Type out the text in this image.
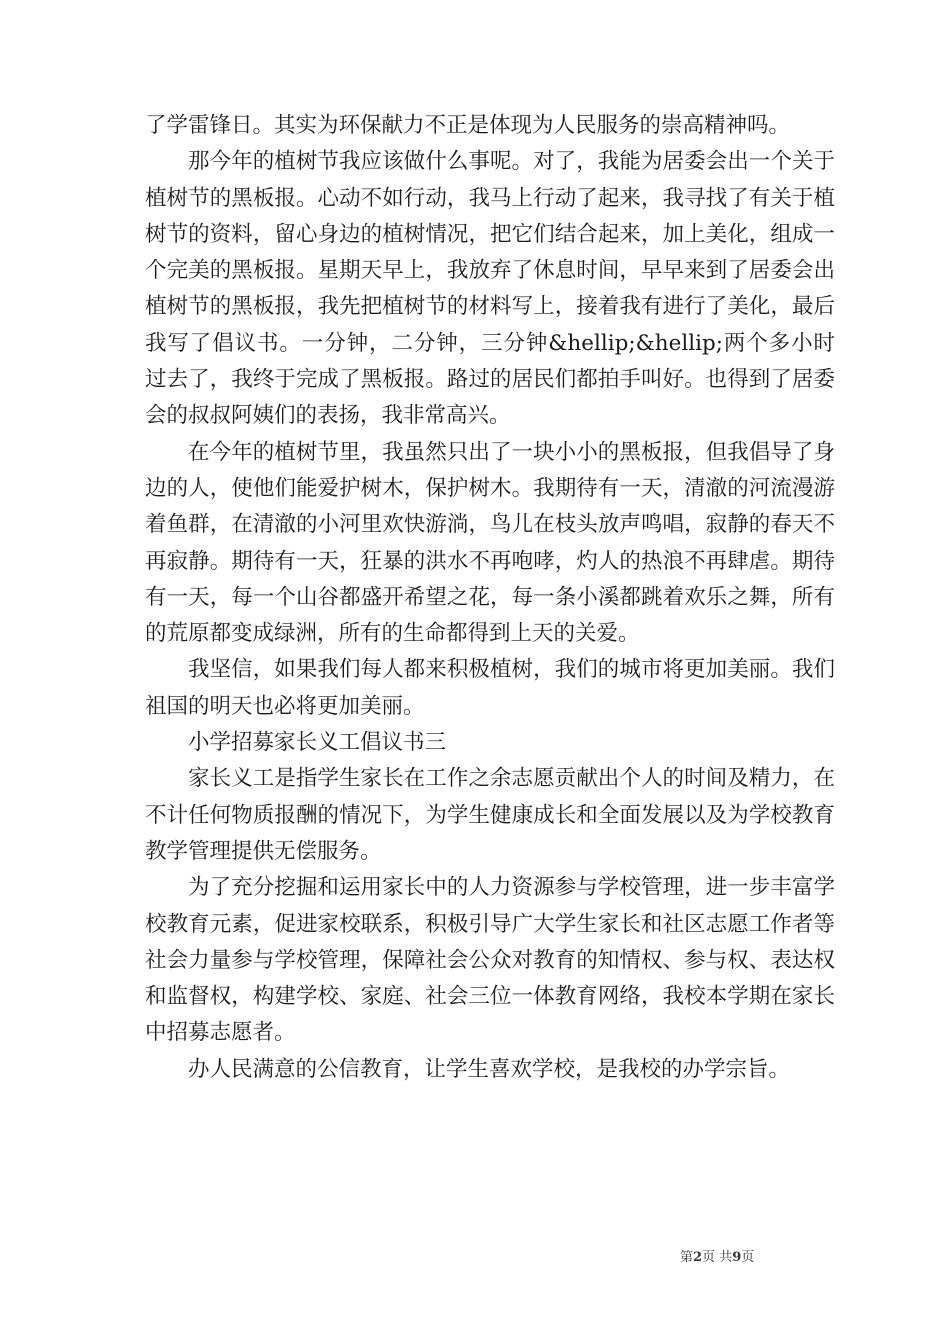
了学雷锋日。其实为环保献力不正是体现为人民服务的崇高精神吗。

那今年的植树节我应该做什么事呢。对了，我能为居委会出一个关于植树节的黑板报。心动不如行动，我马上行动了起来，我寻找了有关于植树节的资料，留心身边的植树情况，把它们结合起来，加上美化，组成一个完美的黑板报。星期天早上，我放弃了休息时间，早早来到了居委会出植树节的黑板报，我先把植树节的材料写上，接着我有进行了美化，最后我写了倡议书。一分钟，二分钟，三分钟&hellip;&hellip;两个多小时过去了，我终于完成了黑板报。路过的居民们都拍手叫好。也得到了居委会的叔叔阿姨们的表扬，我非常高兴。

在今年的植树节里，我虽然只出了一块小小的黑板报，但我倡导了身边的人，使他们能爱护树木，保护树木。我期待有一天，清澈的河流漫游着鱼群，在清澈的小河里欢快游淌，鸟儿在枝头放声鸣唱，寂静的春天不再寂静。期待有一天，狂暴的洪水不再咆哮，灼人的热浪不再肆虐。期待有一天，每一个山谷都盛开希望之花，每一条小溪都跳着欢乐之舞，所有的荒原都变成绿洲，所有的生命都得到上天的关爱。

我坚信，如果我们每人都来积极植树，我们的城市将更加美丽。我们祖国的明天也必将更加美丽。

小学招募家长义工倡议书三

家长义工是指学生家长在工作之余志愿贡献出个人的时间及精力，在不计任何物质报酬的情况下，为学生健康成长和全面发展以及为学校教育教学管理提供无偿服务。

为了充分挖掘和运用家长中的人力资源参与学校管理，进一步丰富学校教育元素，促进家校联系，积极引导广大学生家长和社区志愿工作者等社会力量参与学校管理，保障社会公众对教育的知情权、参与权、表达权和监督权，构建学校、家庭、社会三位一体教育网络，我校本学期在家长中招募志愿者。

办人民满意的公信教育，让学生喜欢学校，是我校的办学宗旨。

第2页 共9页
